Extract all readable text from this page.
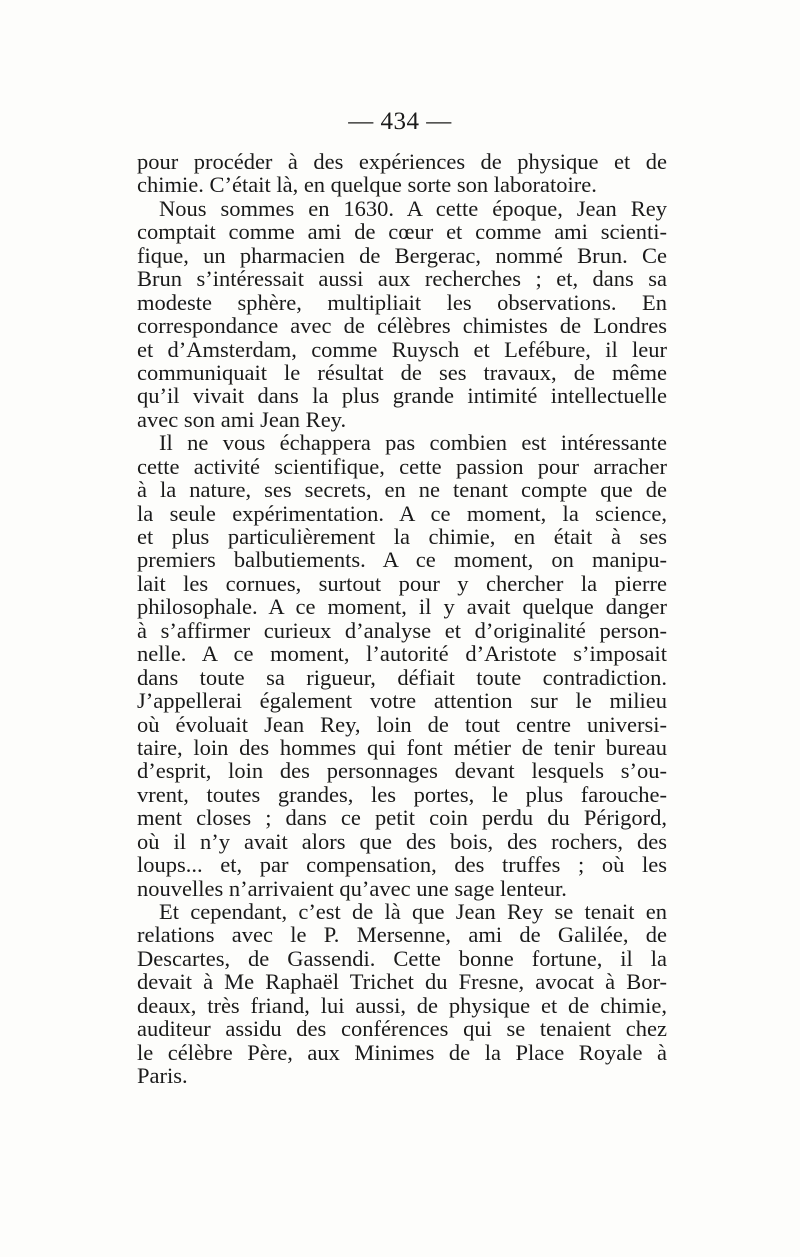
— 434 —
pour procéder à des expériences de physique et de
chimie. C’était là, en quelque sorte son laboratoire.
Nous sommes en 1630. A cette époque, Jean Rey
comptait comme ami de cœur et comme ami scienti-
fique, un pharmacien de Bergerac, nommé Brun. Ce
Brun s’intéressait aussi aux recherches ; et, dans sa
modeste sphère, multipliait les observations. En
correspondance avec de célèbres chimistes de Londres
et d’Amsterdam, comme Ruysch et Lefébure, il leur
communiquait le résultat de ses travaux, de même
qu’il vivait dans la plus grande intimité intellectuelle
avec son ami Jean Rey.
Il ne vous échappera pas combien est intéressante
cette activité scientifique, cette passion pour arracher
à la nature, ses secrets, en ne tenant compte que de
la seule expérimentation. A ce moment, la science,
et plus particulièrement la chimie, en était à ses
premiers balbutiements. A ce moment, on manipu-
lait les cornues, surtout pour y chercher la pierre
philosophale. A ce moment, il y avait quelque danger
à s’affirmer curieux d’analyse et d’originalité person-
nelle. A ce moment, l’autorité d’Aristote s’imposait
dans toute sa rigueur, défiait toute contradiction.
J’appellerai également votre attention sur le milieu
où évoluait Jean Rey, loin de tout centre universi-
taire, loin des hommes qui font métier de tenir bureau
d’esprit, loin des personnages devant lesquels s’ou-
vrent, toutes grandes, les portes, le plus farouche-
ment closes ; dans ce petit coin perdu du Périgord,
où il n’y avait alors que des bois, des rochers, des
loups... et, par compensation, des truffes ; où les
nouvelles n’arrivaient qu’avec une sage lenteur.
Et cependant, c’est de là que Jean Rey se tenait en
relations avec le P. Mersenne, ami de Galilée, de
Descartes, de Gassendi. Cette bonne fortune, il la
devait à Me Raphaël Trichet du Fresne, avocat à Bor-
deaux, très friand, lui aussi, de physique et de chimie,
auditeur assidu des conférences qui se tenaient chez
le célèbre Père, aux Minimes de la Place Royale à
Paris.
